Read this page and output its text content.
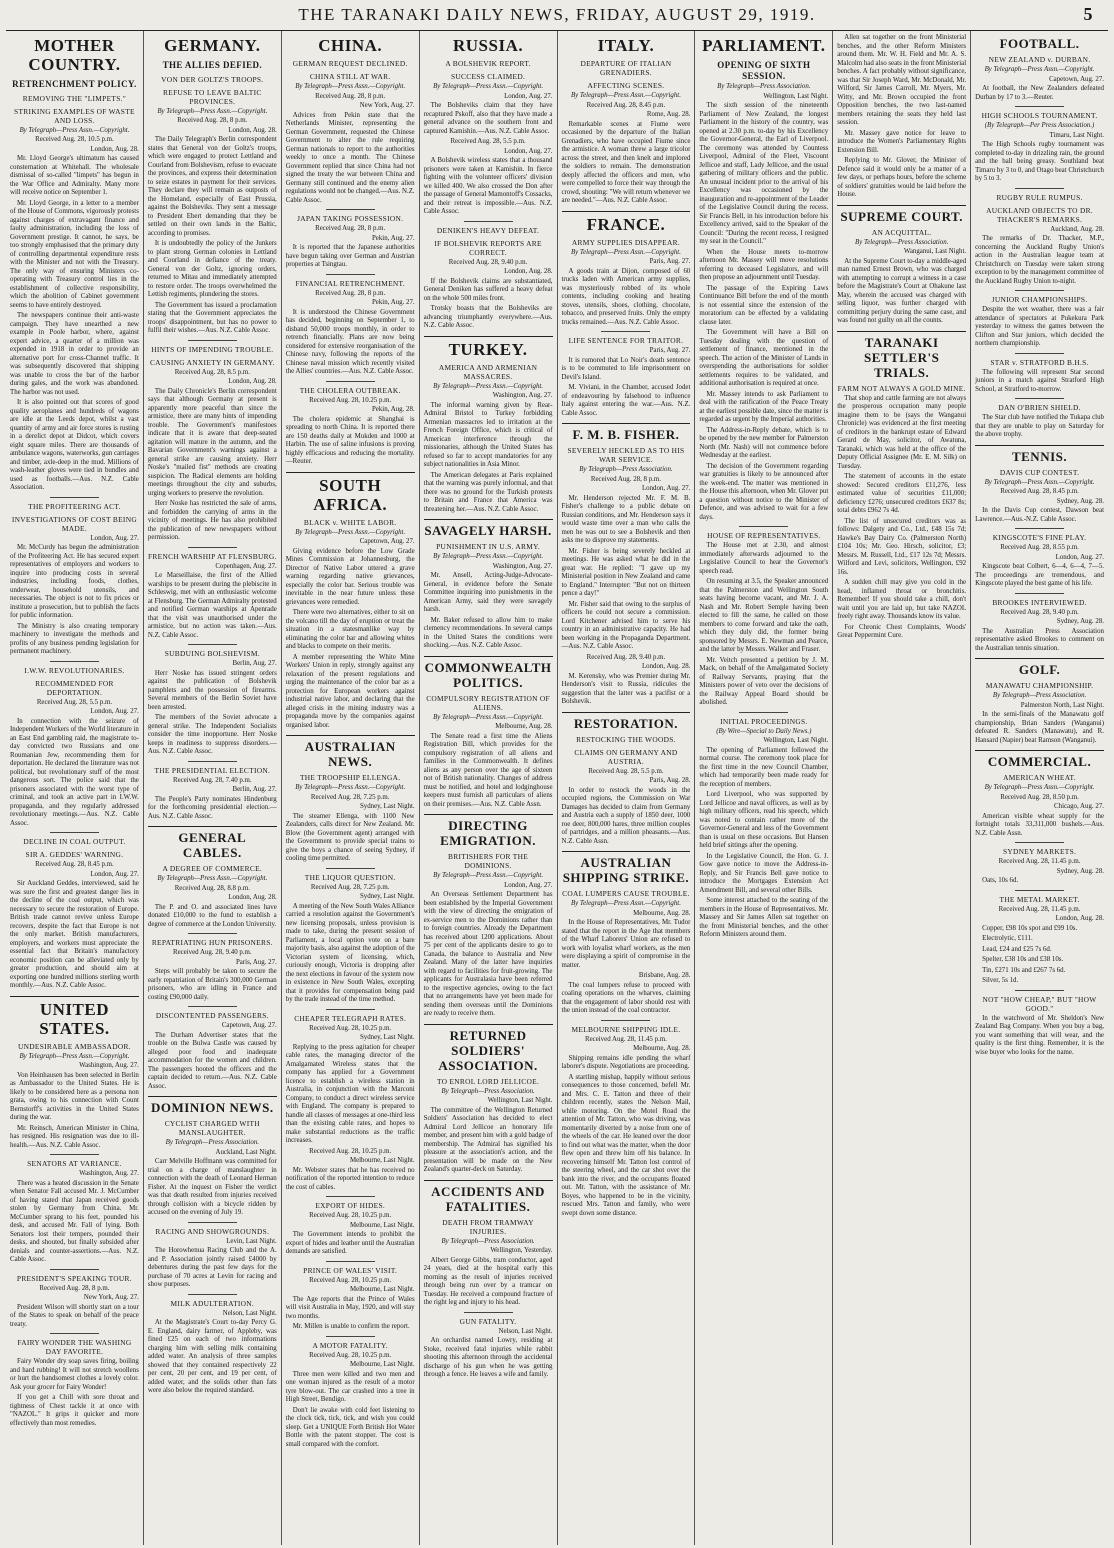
THE TARANAKI DAILY NEWS, FRIDAY, AUGUST 29, 1919.	5
MOTHER COUNTRY.
RETRENCHMENT POLICY.
REMOVING THE "LIMPETS."
STRIKING EXAMPLES OF WASTE AND LOSS.
By Telegraph—Press Assn.—Copyright.
Received Aug. 28, 10.5 p.m.
London, Aug. 28.

Mr. Lloyd George's ultimatum has caused consternation at Whitehall. The wholesale dismissal of so-called "limpets" has begun in the War Office and Admiralty. Many more will receive notice on September 1.

Mr. Lloyd George, in a letter to a member of the House of Commons, vigorously protests against charges of extravagant finance and faulty administration, including the loss of Government prestige. It cannot, he says, be too strongly emphasised that the primary duty of controlling departmental expenditure rests with the Minister and not with the Treasury. The only way of ensuring Ministers co-operating with Treasury control lies in the establishment of collective responsibility, which the abolition of Cabinet government seems to have entirely destroyed.

The newspapers continue their anti-waste campaign. They have unearthed a new example in Poole harbor, where, against expert advice, a quarter of a million was expended in 1918 in order to provide an alternative port for cross-Channel traffic. It was subsequently discovered that shipping was unable to cross the bar of the harbor during gales, and the work was abandoned. The harbor was not used.

It is also pointed out that scores of good quality aeroplanes and hundreds of wagons are idle at the Leeds depot, whilst a vast quantity of army and air force stores is rusting in a derelict depot at Didcot, which covers eight square miles. There are thousands of ambulance wagons, waterworks, gun carriages and timber, axle-deep in the mud. Millions of wash-leather gloves were tied in bundles and used as footballs.—Aus. N.Z. Cable Association.

THE PROFITEERING ACT.
INVESTIGATIONS OF COST BEING MADE.
London, Aug. 27.

Mr. McCurdy has begun the administration of the Profiteering Act. He has secured expert representatives of employers and workers to inquire into producing costs in several industries, including foods, clothes, underwear, household utensils, and necessaries. The object is not to fix prices or institute a prosecution, but to publish the facts for public information.

The Ministry is also creating temporary machinery to investigate the methods and profits of any business pending legislation for permanent machinery.

I.W.W. REVOLUTIONARIES.
RECOMMENDED FOR DEPORTATION.
Received Aug. 28, 5.5 p.m.
London, Aug. 27.

In connection with the seizure of Independent Workers of the World literature in an East End gambling raid, the magistrate to-day convicted two Russians and one Roumanian Jew, recommending them for deportation. He declared the literature was not political, but revolutionary stuff of the most dangerous sort. The police said that the prisoners associated with the worst type of criminal, and took an active part in I.W.W. propaganda, and they regularly addressed revolutionary meetings.—Aus. N.Z. Cable Assoc.

DECLINE IN COAL OUTPUT.
SIR A. GEDDES' WARNING.
Received Aug. 28, 8.45 p.m.
London, Aug. 27.

Sir Auckland Geddes, interviewed, said he was sure the first and greatest danger lies in the decline of the coal output, which was necessary to secure the restoration of Europe. British trade cannot revive unless Europe recovers, despite the fact that Europe is not the only market. British manufacturers, employers, and workers must appreciate the essential fact that Britain's manufactory economic position can be alleviated only by greater production, and should aim at exporting one hundred millions sterling worth monthly.—Aus. N.Z. Cable Assoc.

UNITED STATES.
UNDESIRABLE AMBASSADOR.
By Telegraph—Press Assn.—Copyright.
Washington, Aug. 27.

Von Heinhausen has been selected in Berlin as Ambassador to the United States. He is likely to be considered here as a persona non grata, owing to his connection with Count Bernstorff's activities in the United States during the war.

Mr. Reinsch, American Minister in China, has resigned. His resignation was due to ill-health.—Aus. N.Z. Cable Assoc.

SENATORS AT VARIANCE.
Washington, Aug. 27.

There was a heated discussion in the Senate when Senator Fall accused Mr. J. McCumber of having stated that Japan received goods stolen by Germany from China. Mr. McCumber sprang to his feet, pounded his desk, and accused Mr. Fall of lying. Both Senators lost their tempers, pounded their desks, and shouted, but finally subsided after denials and counter-assertions.—Aus. N.Z. Cable Assoc.

PRESIDENT'S SPEAKING TOUR.
Received Aug. 28, 8 p.m.
New York, Aug. 27.

President Wilson will shortly start on a tour of the States to speak on behalf of the peace treaty.

FAIRY WONDER THE WASHING DAY FAVORITE.

Fairy Wonder dry soap saves firing, boiling and hard rubbing! It will not stretch woollens or hurt the handsomest clothes a lovely color. Ask your grocer for Fairy Wonder!

If you get a Chill with sore throat and tightness of Chest tackle it at once with "NAZOL." It grips it quicker and more effectively than most remedies.

GERMANY.
THE ALLIES DEFIED.
VON DER GOLTZ'S TROOPS.
REFUSE TO LEAVE BALTIC PROVINCES.
By Telegraph—Press Assn.—Copyright.
Received Aug. 28, 8 p.m.
London, Aug. 28.

The Daily Telegraph's Berlin correspondent states that General von der Goltz's troops, which were engaged to protect Lettland and Courland from Bolshevism, refuse to evacuate the provinces, and express their determination to seize estates in payment for their services. They declare they will remain as outposts of the Homeland, especially of East Prussia, against the Bolsheviks. They sent a message to President Ebert demanding that they be settled on their own lands in the Baltic, according to promises.

It is undoubtedly the policy of the Junkers to plant strong German colonies in Lettland and Courland in defiance of the treaty. General von der Goltz, ignoring orders, returned to Mitau and immediately attempted to restore order. The troops overwhelmed the Lettish regiments, plundering the stores.

The Government has issued a proclamation stating that the Government appreciates the troops' disappointment, but has no power to fulfil their wishes.—Aus. N.Z. Cable Assoc.

HINTS OF IMPENDING TROUBLE.
CAUSING ANXIETY IN GERMANY.
Received Aug. 28, 8.5 p.m.
London, Aug. 28.

The Daily Chronicle's Berlin correspondent says that although Germany at present is apparently more peaceful than since the armistice, there are many hints of impending trouble. The Government's manifestoes indicate that it is aware that deep-seated agitation will mature in the autumn, and the Bavarian Government's warnings against a general strike are causing anxiety. Herr Noske's "mailed fist" methods are creating suspicion. The Radical elements are holding meetings throughout the city and suburbs, urging workers to preserve the revolution.

Herr Noske has restricted the sale of arms, and forbidden the carrying of arms in the vicinity of meetings. He has also prohibited the publication of new newspapers without permission.

FRENCH WARSHIP AT FLENSBURG.
Copenhagen, Aug. 27.

Le Marseillaise, the first of the Allied warships to be present during the plebiscite in Schleswig, met with an enthusiastic welcome at Flensburg. The German Admiralty protested and notified German warships at Apenrade that the visit was unauthorised under the armistice, but no action was taken.—Aus. N.Z. Cable Assoc.

SUBDUING BOLSHEVISM.
Berlin, Aug. 27.

Herr Noske has issued stringent orders against the publication of Bolshevik pamphlets and the possession of firearms. Several members of the Berlin Soviet have been arrested.

The members of the Soviet advocate a general strike. The Independent Socialists consider the time inopportune. Herr Noske keeps in readiness to suppress disorders.—Aus. N.Z. Cable Assoc.

THE PRESIDENTIAL ELECTION.
Received Aug. 28, 7.40 p.m.
Berlin, Aug. 27.

The People's Party nominates Hindenburg for the forthcoming presidential election.—Aus. N.Z. Cable Assoc.

GENERAL CABLES.
A DEGREE OF COMMERCE.
By Telegraph—Press Assn.—Copyright.
Received Aug. 28, 8.8 p.m.
London, Aug. 28.

The P. and O. and associated lines have donated £10,000 to the fund to establish a degree of commerce at the London University.

REPATRIATING HUN PRISONERS.
Received Aug. 28, 9.40 p.m.
Paris, Aug. 27.

Steps will probably be taken to secure the early repatriation of Britain's 300,000 German prisoners, who are idling in France and costing £90,000 daily.

DISCONTENTED PASSENGERS.
Capetown, Aug. 27.

The Durham Advertiser states that the trouble on the Bulwa Castle was caused by alleged poor food and inadequate accommodation for the women and children. The passengers hooted the officers and the captain decided to return.—Aus. N.Z. Cable Assoc.

DOMINION NEWS.
CYCLIST CHARGED WITH MANSLAUGHTER.
By Telegraph—Press Association.
Auckland, Last Night.

Carr Melville Hoffmann was committed for trial on a charge of manslaughter in connection with the death of Leonard Herman Fisher. At the inquest on Fisher the verdict was that death resulted from injuries received through collision with a bicycle ridden by accused on the evening of July 19.

RACING AND SHOWGROUNDS.
Levin, Last Night.

The Horowhenua Racing Club and the A. and P. Association jointly raised £4000 by debentures during the past few days for the purchase of 70 acres at Levin for racing and show purposes.

MILK ADULTERATION.
Nelson, Last Night.

At the Magistrate's Court to-day Percy G. E. England, dairy farmer, of Appleby, was fined £25 on each of two informations charging him with selling milk containing added water. An analysis of three samples showed that they contained respectively 22 per cent, 20 per cent, and 19 per cent, of added water, and the solids other than fats were also below the required standard.

CHINA.
GERMAN REQUEST DECLINED.
CHINA STILL AT WAR.
By Telegraph—Press Assn.—Copyright.
Received Aug. 28, 8 p.m.
New York, Aug. 27.

Advices from Pekin state that the Netherlands Minister, representing the German Government, requested the Chinese Government to alter the rule requiring German nationals to report to the authorities weekly to once a month. The Chinese Government replied that since China had not signed the treaty the war between China and Germany still continued and the enemy alien regulations would not be changed.—Aus. N.Z. Cable Assoc.

JAPAN TAKING POSSESSION.
Received Aug. 28, 8 p.m.
Pekin, Aug. 27.

It is reported that the Japanese authorities have begun taking over German and Austrian properties at Tsingtau.

FINANCIAL RETRENCHMENT.
Received Aug. 28, 8 p.m.
Pekin, Aug. 27.

It is understood the Chinese Government has decided, beginning on September 1, to disband 50,000 troops monthly, in order to retrench financially. Plans are now being considered for extensive reorganisation of the Chinese navy, following the reports of the Chinese naval mission which recently visited the Allies' countries.—Aus. N.Z. Cable Assoc.

THE CHOLERA OUTBREAK.
Received Aug. 28, 10.25 p.m.
Pekin, Aug. 28.

The cholera epidemic at Shanghai is spreading to north China. It is reported there are 150 deaths daily at Mukden and 1000 at Harbin. The use of saline infusions is proving highly efficacious and reducing the mortality.—Reuter.

SOUTH AFRICA.
BLACK v. WHITE LABOR.
By Telegraph—Press Assn.—Copyright.
Capetown, Aug. 27.

Giving evidence before the Low Grade Mines Commission at Johannesburg, the Director of Native Labor uttered a grave warning regarding native grievances, especially the color bar. Serious trouble was inevitable in the near future unless these grievances were remedied.

There were two alternatives, either to sit on the volcano till the day of eruption or treat the situation in a statesmanlike way by eliminating the color bar and allowing whites and blacks to compete on their merits.

A member representing the White Mine Workers' Union in reply, strongly against any relaxation of the present regulations and urging the maintenance of the color bar as a protection for European workers against industrial native labor, and declaring that the alleged crisis in the mining industry was a propaganda move by the companies against organised labor.

AUSTRALIAN NEWS.
THE TROOPSHIP ELLENGA.
By Telegraph—Press Assn.—Copyright.
Received Aug. 28, 7.25 p.m.
Sydney, Last Night.

The steamer Ellenga, with 1100 New Zealanders, calls direct for New Zealand. Mr. Blow (the Government agent) arranged with the Government to provide special trains to give the boys a chance of seeing Sydney, if cooling time permitted.

THE LIQUOR QUESTION.
Received Aug. 28, 7.25 p.m.
Sydney, Last Night.

A meeting of the New South Wales Alliance carried a resolution against the Government's new licensing proposals, unless provision is made to take, during the present session of Parliament, a local option vote on a bare majority basis, also against the adoption of the Victorian system of licensing, which, curiously enough, Victoria is dropping after the next elections in favour of the system now in existence in New South Wales, excepting that it provides for compensation being paid by the trade instead of the time method.

CHEAPER TELEGRAPH RATES.
Received Aug. 28, 10.25 p.m.
Sydney, Last Night.

Replying to the press agitation for cheaper cable rates, the managing director of the Amalgamated Wireless states that the company has applied for a Government licence to establish a wireless station in Australia, in conjunction with the Marconi Company, to conduct a direct wireless service with England. The company is prepared to handle all classes of messages at one-third less than the existing cable rates, and hopes to make substantial reductions as the traffic increases.

Received Aug. 28, 10.25 p.m.
Melbourne, Last Night.

Mr. Webster states that he has received no notification of the reported intention to reduce the cost of cables.

EXPORT OF HIDES.
Received Aug. 28, 10.25 p.m.
Melbourne, Last Night.

The Government intends to prohibit the export of hides and leather until the Australian demands are satisfied.

PRINCE OF WALES' VISIT.
Received Aug. 28, 10.25 p.m.
Melbourne, Last Night.

The Age reports that the Prince of Wales will visit Australia in May, 1920, and will stay two months.

Mr. Millen is unable to confirm the report.

A MOTOR FATALITY.
Received Aug. 28, 10.25 p.m.
Melbourne, Last Night.

Three men were killed and two men and one woman injured as the result of a motor tyre blow-out. The car crashed into a tree in High Street, Bendigo.

Don't lie awake with cold feet listening to the clock tick, tick, tick, and wish you could sleep. Get a UNIQUE Forth British Hot Water Bottle with the patent stopper. The cost is small compared with the comfort.

RUSSIA.
A BOLSHEVIK REPORT.
SUCCESS CLAIMED.
By Telegraph—Press Assn.—Copyright.
London, Aug. 27.

The Bolsheviks claim that they have recaptured Pskoff, also that they have made a general advance on the southern front and captured Kamishin.—Aus. N.Z. Cable Assoc.

Received Aug. 28, 5.5 p.m.
London, Aug. 27.

A Bolshevik wireless states that a thousand prisoners were taken at Kamishin. In fierce fighting with the volunteer officers' division we killed 400. We also crossed the Don after the passage of General Mamontoff's Cossacks, and their retreat is impossible.—Aus. N.Z. Cable Assoc.

DENIKEN'S HEAVY DEFEAT.
IF BOLSHEVIK REPORTS ARE CORRECT.
Received Aug. 28, 9.40 p.m.
London, Aug. 28.

If the Bolshevik claims are substantiated, General Deniken has suffered a heavy defeat on the whole 500 miles front.

Trotsky boasts that the Bolsheviks are advancing triumphantly everywhere.—Aus. N.Z. Cable Assoc.

TURKEY.
AMERICA AND ARMENIAN MASSACRES.
By Telegraph—Press Assn.—Copyright.
Washington, Aug. 27.

The informal warning given by Rear-Admiral Bristol to Turkey forbidding Armenian massacres led to irritation at the French Foreign Office, which is critical of American interference through the missionaries, although the United States has refused so far to accept mandatories for any subject nationalities in Asia Minor.

The American delegates at Paris explained that the warning was purely informal, and that there was no ground for the Turkish protests to Britain and France that America was threatening her.—Aus. N.Z. Cable Assoc.

SAVAGELY HARSH.
PUNISHMENT IN U.S. ARMY.
By Telegraph—Press Assn.—Copyright.
Washington, Aug. 27.

Mr. Ansell, Acting-Judge-Advocate-General, in evidence before the Senate Committee inquiring into punishments in the American Army, said they were savagely harsh.

Mr. Baker refused to allow him to make clemency recommendations. In several camps in the United States the conditions were shocking.—Aus. N.Z. Cable Assoc.

COMMONWEALTH POLITICS.
COMPULSORY REGISTRATION OF ALIENS.
By Telegraph—Press Assn.—Copyright.
Melbourne, Aug. 28.

The Senate read a first time the Aliens Registration Bill, which provides for the compulsory registration of all aliens and families in the Commonwealth. It defines aliens as any person over the age of sixteen not of British nationality. Changes of address must be notified, and hotel and lodginghouse keepers must furnish all particulars of aliens on their premises.—Aus. N.Z. Cable Assn.

DIRECTING EMIGRATION.
BRITISHERS FOR THE DOMINIONS.
By Telegraph—Press Assn.—Copyright.
London, Aug. 27.

An Overseas Settlement Department has been established by the Imperial Government with the view of directing the emigration of ex-service men to the Dominions rather than to foreign countries. Already the Department has received about 1200 applications. About 75 per cent of the applicants desire to go to Canada, the balance to Australia and New Zealand. Many of the latter have inquiries with regard to facilities for fruit-growing. The applicants for Australasia have been referred to the respective agencies, owing to the fact that no arrangements have yet been made for sending them overseas until the Dominions are ready to receive them.

RETURNED SOLDIERS' ASSOCIATION.
TO ENROL LORD JELLICOE.
By Telegraph—Press Association.
Wellington, Last Night.

The committee of the Wellington Returned Soldiers' Association has decided to elect Admiral Lord Jellicoe an honorary life member, and present him with a gold badge of membership. The Admiral has signified his pleasure at the association's action, and the presentation will be made on the New Zealand's quarter-deck on Saturday.

ACCIDENTS AND FATALITIES.
DEATH FROM TRAMWAY INJURIES.
By Telegraph—Press Association.
Wellington, Yesterday.

Albert George Gibbs, tram conductor, aged 24 years, died at the hospital early this morning as the result of injuries received through being run over by a tramcar on Tuesday. He received a compound fracture of the right leg and injury to his head.

GUN FATALITY.
Nelson, Last Night.

An orchardist named Lowry, residing at Stoke, received fatal injuries while rabbit shooting this afternoon through the accidental discharge of his gun when he was getting through a fence. He leaves a wife and family.

ITALY.
DEPARTURE OF ITALIAN GRENADIERS.
AFFECTING SCENES.
By Telegraph—Press Assn.—Copyright.
Received Aug. 28, 8.45 p.m.
Rome, Aug. 28.

Remarkable scenes at Fiume were occasioned by the departure of the Italian Grenadiers, who have occupied Fiume since the armistice. A woman threw a large tricolor across the street, and then knelt and implored the soldiers to remain. The demonstration deeply affected the officers and men, who were compelled to force their way through the crowd, shouting: "We will return whenever we are needed."—Aus. N.Z. Cable Assoc.

FRANCE.
ARMY SUPPLIES DISAPPEAR.
By Telegraph—Press Assn.—Copyright.
Paris, Aug. 27.

A goods train at Dijon, composed of 60 trucks laden with American army supplies, was mysteriously robbed of its whole contents, including cooking and heating stoves, utensils, shoes, clothing, chocolate, tobacco, and preserved fruits. Only the empty trucks remained.—Aus. N.Z. Cable Assoc.

LIFE SENTENCE FOR TRAITOR.
Paris, Aug. 27.

It is rumored that Lo Noir's death sentence is to be commuted to life imprisonment on Devil's Island.

M. Viviani, in the Chamber, accused Jodet of endeavouring by falsehood to influence Italy against entering the war.—Aus. N.Z. Cable Assoc.

F. M. B. FISHER.
SEVERELY HECKLED AS TO HIS WAR SERVICE.
By Telegraph—Press Association.
Received Aug. 28, 8 p.m.
London, Aug. 27.

Mr. Henderson rejected Mr. F. M. B. Fisher's challenge to a public debate on Russian conditions, and Mr. Henderson says it would waste time over a man who calls the men he was out to see a Bolshevik and then asks me to disprove my statements.

Mr. Fisher is being severely heckled at meetings. He was asked what he did in the great war. He replied: "I gave up my Ministerial position in New Zealand and came to England." Interrupter: "But not on thirteen pence a day!"

Mr. Fisher said that owing to the surplus of officers he could not secure a commission. Lord Kitchener advised him to serve his country in an administrative capacity. He had been working in the Propaganda Department.—Aus. N.Z. Cable Assoc.

Received Aug. 28, 9.40 p.m.
London, Aug. 28.

M. Kerensky, who was Premier during Mr. Henderson's visit to Russia, ridicules the suggestion that the latter was a pacifist or a Bolshevik.

RESTORATION.
RESTOCKING THE WOODS.
CLAIMS ON GERMANY AND AUSTRIA.
Received Aug. 28, 5.5 p.m.
Paris, Aug. 28.

In order to restock the woods in the occupied regions, the Commission on War Damages has decided to claim from Germany and Austria each a supply of 1850 deer, 1000 roe deer, 800,000 hares, three million couples of partridges, and a million pheasants.—Aus. N.Z. Cable Assn.

AUSTRALIAN SHIPPING STRIKE.
COAL LUMPERS CAUSE TROUBLE.
By Telegraph—Press Assn.—Copyright.
Melbourne, Aug. 28.

In the House of Representatives, Mr. Tudor stated that the report in the Age that members of the Wharf Laborers' Union are refused to work with loyalist wharf workers, as the men were displaying a spirit of compromise in the matter.

Brisbane, Aug. 28.

The coal lumpers refuse to proceed with coaling operations on the wharves, claiming that the engagement of labor should rest with the union instead of the coal contractor.

MELBOURNE SHIPPING IDLE.
Received Aug. 28, 11.45 p.m.
Melbourne, Aug. 28.

Shipping remains idle pending the wharf laborer's dispute. Negotiations are proceeding.

A startling mishap, happily without serious consequences to those concerned, befell Mr. and Mrs. C. E. Tatton and three of their children recently, states the Nelson Mail, while motoring. On the Motel Road the attention of Mr. Tatton, who was driving, was momentarily diverted by a noise from one of the wheels of the car. He leaned over the door to find out what was the matter, when the door flew open and threw him off his balance. In recovering himself Mr. Tatton lost control of the steering wheel, and the car shot over the bank into the river, and the occupants floated out. Mr. Tatton, with the assistance of Mr. Boyes, who happened to be in the vicinity, rescued Mrs. Tatton and family, who were swept down some distance.

PARLIAMENT.
OPENING OF SIXTH SESSION.
By Telegraph—Press Association.
Wellington, Last Night.

The sixth session of the nineteenth Parliament of New Zealand, the longest Parliament in the history of the country, was opened at 2.30 p.m. to-day by his Excellency the Governor-General, the Earl of Liverpool. The ceremony was attended by Countess Liverpool, Admiral of the Fleet, Viscount Jellicoe and staff, Lady Jellicoe, and the usual gathering of military officers and the public. An unusual incident prior to the arrival of his Excellency was occasioned by the inauguration and re-appointment of the Leader of the Legislative Council during the recess. Sir Francis Bell, in his introduction before his Excellency arrived, said to the Speaker of the Council: "During the recent recess, I resigned my seat in the Council."

When the House meets to-morrow afternoon Mr. Massey will move resolutions referring to deceased Legislators, and will then propose an adjournment until Tuesday.

The passage of the Expiring Laws Continuance Bill before the end of the month is not essential since the extension of the moratorium can be effected by a validating clause later.

The Government will have a Bill on Tuesday dealing with the question of settlement of finance, mentioned in the speech. The action of the Minister of Lands in overspending the authorisations for soldier settlements requires to be validated, and additional authorisation is required at once.

Mr. Massey intends to ask Parliament to deal with the ratification of the Peace Treaty at the earliest possible date, since the matter is regarded as urgent by the Imperial authorities.

The Address-in-Reply debate, which is to be opened by the new member for Palmerston North (Mr. Nash) will not commence before Wednesday at the earliest.

The decision of the Government regarding war gratuities is likely to be announced after the week-end. The matter was mentioned in the House this afternoon, when Mr. Glover put a question without notice to the Minister of Defence, and was advised to wait for a few days.

HOUSE OF REPRESENTATIVES.

The House met at 2.30, and almost immediately afterwards adjourned to the Legislative Council to hear the Governor's speech read.

On resuming at 3.5, the Speaker announced that the Palmerston and Wellington South seats having become vacant, and Mr. J. A. Nash and Mr. Robert Semple having been elected to fill the same, he called on those members to come forward and take the oath, which they duly did, the former being sponsored by Messrs. E. Newman and Pearce, and the latter by Messrs. Walker and Fraser.

Mr. Veitch presented a petition by J. M. Mack, on behalf of the Amalgamated Society of Railway Servants, praying that the Ministers power of veto over the decisions of the Railway Appeal Board should be abolished.

INITIAL PROCEEDINGS.
(By Wire—Special to Daily News.)
Wellington, Last Night.

The opening of Parliament followed the normal course. The ceremony took place for the first time in the new Council Chamber, which had temporarily been made ready for the reception of members.

Lord Liverpool, who was supported by Lord Jellicoe and naval officers, as well as by high military officers, read his speech, which was noted to contain rather more of the Governor-General and less of the Government than is usual on these occasions. But Hansen held brief sittings after the opening.

In the Legislative Council, the Hon. G. J. Gow gave notice to move the Address-in-Reply, and Sir Francis Bell gave notice to introduce the Mortgages Extension Act Amendment Bill, and several other Bills.

Some interest attached to the seating of the members in the House of Representatives. Mr. Massey and Sir James Allen sat together on the front Ministerial benches, and the other Reform Ministers around them.

Allen sat together on the front Ministerial benches, and the other Reform Ministers around them. Mr. W. H. Field and Mr. A. S. Malcolm had also seats in the front Ministerial benches. A fact probably without significance, was that Sir Joseph Ward, Mr. McDonald, Mr. Wilford, Sir James Carroll, Mr. Myers, Mr. Witty, and Mr. Brown occupied the front Opposition benches, the two last-named members retaining the seats they held last session.

Mr. Massey gave notice for leave to introduce the Women's Parliamentary Rights Extension Bill.

Replying to Mr. Glover, the Minister of Defence said it would only be a matter of a few days, or perhaps hours, before the scheme of soldiers' gratuities would be laid before the House.

SUPREME COURT.
AN ACQUITTAL.
By Telegraph—Press Association.
Wanganui, Last Night.

At the Supreme Court to-day a middle-aged man named Ernest Brown, who was charged with attempting to corrupt a witness in a case before the Magistrate's Court at Ohakune last May, wherein the accused was charged with selling liquor, was further charged with committing perjury during the same case, and was found not guilty on all the counts.

TARANAKI SETTLER'S TRIALS.
FARM NOT ALWAYS A GOLD MINE.

That shop and cattle farming are not always the prosperous occupation many people imagine them to be (says the Wanganui Chronicle) was evidenced at the first meeting of creditors in the bankrupt estate of Edward Gerard de May, solicitor, of Awatuna, Taranaki, which was held at the office of the Deputy Official Assignee (Mr. E. M. Silk) on Tuesday.

The statement of accounts in the estate showed: Secured creditors £11,276, less estimated value of securities £11,000; deficiency £276; unsecured creditors £637 8s; total debts £962 7s 4d.

The list of unsecured creditors was as follows: Dalgety and Co., Ltd., £48 15s 7d; Hawke's Bay Dairy Co. (Palmerston North) £104 10s; Mr. Geo. Hirsch, solicitor, £3; Messrs. M. Russell, Ltd., £17 12s 7d; Messrs. Wilford and Levi, solicitors, Wellington, £92 16s.

A sudden chill may give you cold in the head, inflamed throat or bronchitis. Remember! If you should take a chill, don't wait until you are laid up, but take NAZOL freely right away. Thousands know its value.

For Chronic Chest Complaints, Woods' Great Peppermint Cure.

FOOTBALL.
NEW ZEALAND v. DURBAN.
By Telegraph—Press Assn.—Copyright.
Capetown, Aug. 27.

At football, the New Zealanders defeated Durban by 17 to 3.—Reuter.

HIGH SCHOOLS TOURNAMENT.
(By Telegraph—Per Press Association.)
Timaru, Last Night.

The High Schools rugby tournament was completed to-day in drizzling rain, the ground and the ball being greasy. Southland beat Timaru by 3 to 0, and Otago beat Christchurch by 5 to 3.

RUGBY RULE RUMPUS.
AUCKLAND OBJECTS TO DR. THACKER'S REMARKS.
Auckland, Aug. 28.

The remarks of Dr. Thacker, M.P., concerning the Auckland Rugby Union's action in the Australian league team at Christchurch on Tuesday were taken strong exception to by the management committee of the Auckland Rugby Union to-night.

JUNIOR CHAMPIONSHIPS.

Despite the wet weather, there was a fair attendance of spectators at Pukekura Park yesterday to witness the games between the Clifton and Star juniors, which decided the northern championship.

STAR v. STRATFORD B.H.S.

The following will represent Star second juniors in a match against Stratford High School, at Stratford to-morrow.

DAN O'BRIEN SHIELD.

The Star club have notified the Tukapa club that they are unable to play on Saturday for the above trophy.

TENNIS.
DAVIS CUP CONTEST.
By Telegraph—Press Assn.—Copyright.
Received Aug. 28, 8.45 p.m.
Sydney, Aug. 28.

In the Davis Cup contest, Dawson beat Lawrence.—Aus.-N.Z. Cable Assoc.

KINGSCOTE'S FINE PLAY.
Received Aug. 28, 8.55 p.m.
London, Aug. 27.

Kingscote beat Colbert, 6—4, 6—4, 7—5. The proceedings are tremendous, and Kingscote played the best game of his life.

BROOKES INTERVIEWED.
Received Aug. 28, 9.40 p.m.
Sydney, Aug. 28.

The Australian Press Association representative asked Brookes to comment on the Australian tennis situation.

GOLF.
MANAWATU CHAMPIONSHIP.
By Telegraph—Press Association.
Palmerston North, Last Night.

In the semi-finals of the Manawatu golf championship, Brian Sanders (Wanganui) defeated R. Sanders (Manawatu), and R. Hansard (Napier) beat Ramson (Wanganui).

COMMERCIAL.
AMERICAN WHEAT.
By Telegraph—Press Assn.—Copyright.
Received Aug. 28, 8.50 p.m.
Chicago, Aug. 27.

American visible wheat supply for the fortnight totals 33,311,000 bushels.—Aus. N.Z. Cable Assn.

SYDNEY MARKETS.
Received Aug. 28, 11.45 p.m.
Sydney, Aug. 28.

Oats, 10s 6d.

THE METAL MARKET.
Received Aug. 28, 11.45 p.m.
London, Aug. 28.

Copper, £98 10s spot and £99 10s.

Electrolytic, £111.

Lead, £24 and £25 7s 6d.

Spelter, £38 10s and £38 10s.

Tin, £271 10s and £267 7s 6d.

Silver, 5s 1d.

NOT "HOW CHEAP," BUT "HOW GOOD."

In the watchword of Mr. Sheldon's New Zealand Bag Company. When you buy a bag, you want something that will wear, and the quality is the first thing. Remember, it is the wise buyer who looks for the name.
